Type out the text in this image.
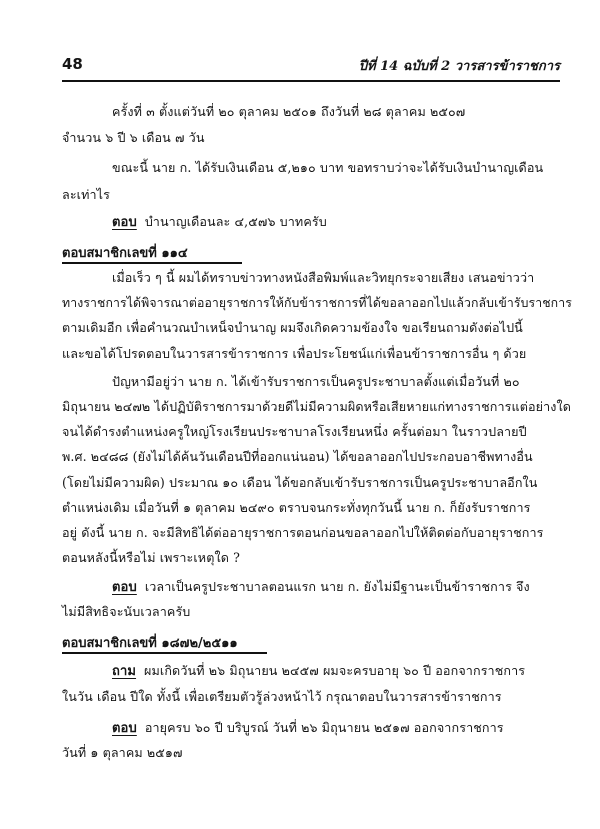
48	ปีที่ 14 ฉบับที่ 2 วารสารข้าราชการ
ครั้งที่ ๓ ตั้งแต่วันที่ ๒๐ ตุลาคม ๒๕๐๑ ถึงวันที่ ๒๘ ตุลาคม ๒๕๐๗
จำนวน ๖ ปี ๖ เดือน ๗ วัน
ขณะนี้ นาย ก. ได้รับเงินเดือน ๕,๒๑๐ บาท ขอทราบว่าจะได้รับเงินบำนาญเดือน
ละเท่าไร
ตอบ บำนาญเดือนละ ๔,๕๗๖ บาทครับ
ตอบสมาชิกเลขที่ ๑๑๔
เมื่อเร็ว ๆ นี้ ผมได้ทราบข่าวทางหนังสือพิมพ์และวิทยุกระจายเสียง เสนอข่าวว่า
ทางราชการได้พิจารณาต่ออายุราชการให้กับข้าราชการที่ได้ขอลาออกไปแล้วกลับเข้ารับราชการ
ตามเดิมอีก เพื่อคำนวณบำเหน็จบำนาญ ผมจึงเกิดความข้องใจ ขอเรียนถามดังต่อไปนี้
และขอได้โปรดตอบในวารสารข้าราชการ เพื่อประโยชน์แก่เพื่อนข้าราชการอื่น ๆ ด้วย
ปัญหามีอยู่ว่า นาย ก. ได้เข้ารับราชการเป็นครูประชาบาลตั้งแต่เมื่อวันที่ ๒๐
มิถุนายน ๒๔๗๒ ได้ปฏิบัติราชการมาด้วยดีไม่มีความผิดหรือเสียหายแก่ทางราชการแต่อย่างใด
จนได้ดำรงตำแหน่งครูใหญ่โรงเรียนประชาบาลโรงเรียนหนึ่ง ครั้นต่อมา ในราวปลายปี
พ.ศ. ๒๔๘๘ (ยังไม่ได้ค้นวันเดือนปีที่ออกแน่นอน) ได้ขอลาออกไปประกอบอาชีพทางอื่น
(โดยไม่มีความผิด) ประมาณ ๑๐ เดือน ได้ขอกลับเข้ารับราชการเป็นครูประชาบาลอีกใน
ตำแหน่งเดิม เมื่อวันที่ ๑ ตุลาคม ๒๔๙๐ ตราบจนกระทั่งทุกวันนี้ นาย ก. ก็ยังรับราชการ
อยู่ ดังนี้ นาย ก. จะมีสิทธิได้ต่ออายุราชการตอนก่อนขอลาออกไปให้ติดต่อกับอายุราชการ
ตอนหลังนี้หรือไม่ เพราะเหตุใด ?
ตอบ เวลาเป็นครูประชาบาลตอนแรก นาย ก. ยังไม่มีฐานะเป็นข้าราชการ จึง
ไม่มีสิทธิจะนับเวลาครับ
ตอบสมาชิกเลขที่ ๑๘๗๒/๒๕๑๑
ถาม ผมเกิดวันที่ ๒๖ มิถุนายน ๒๔๕๗ ผมจะครบอายุ ๖๐ ปี ออกจากราชการ
ในวัน เดือน ปีใด ทั้งนี้ เพื่อเตรียมตัวรู้ล่วงหน้าไว้ กรุณาตอบในวารสารข้าราชการ
ตอบ อายุครบ ๖๐ ปี บริบูรณ์ วันที่ ๒๖ มิถุนายน ๒๕๑๗ ออกจากราชการ
วันที่ ๑ ตุลาคม ๒๕๑๗
